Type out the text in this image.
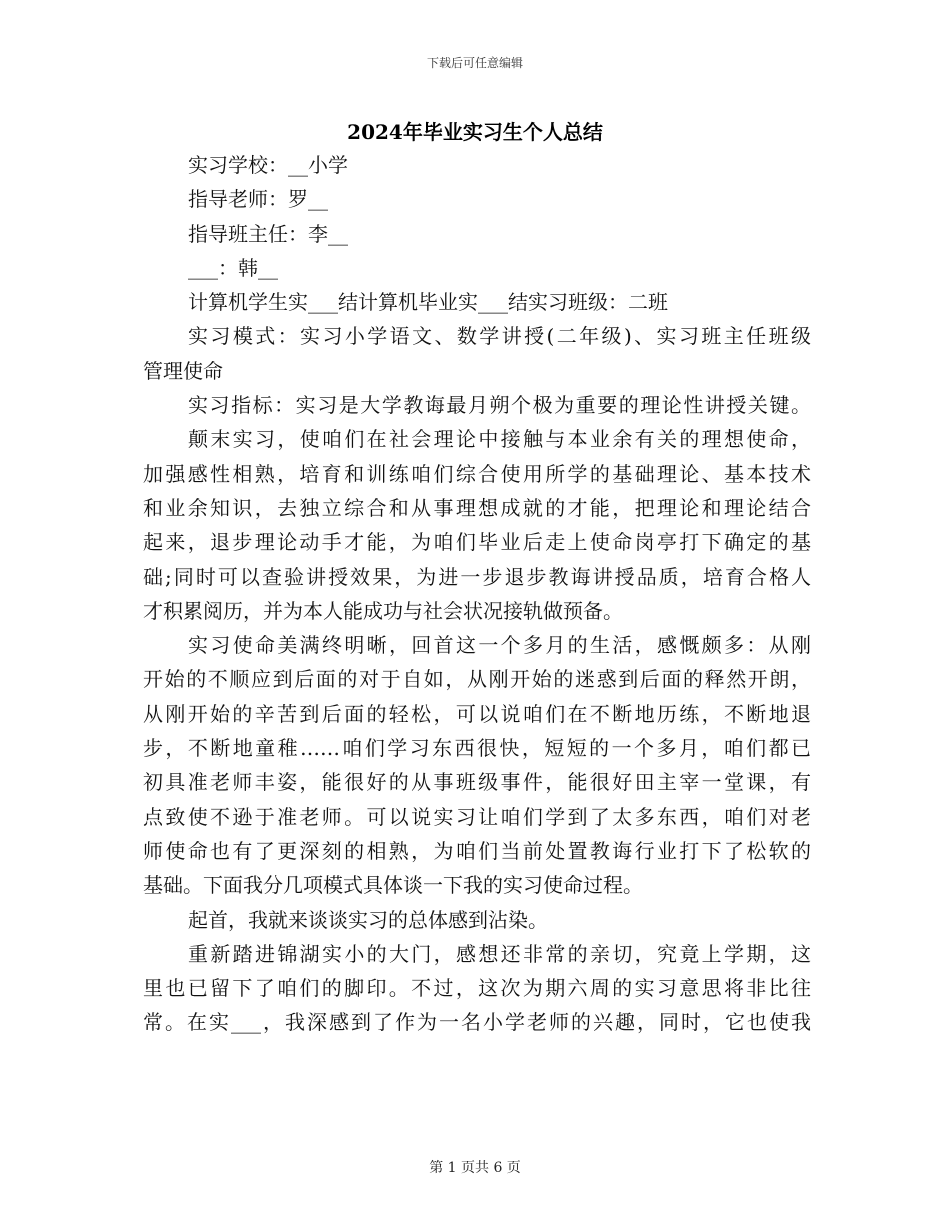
下载后可任意编辑
2024年毕业实习生个人总结
实习学校：__小学
指导老师：罗__
指导班主任：李__
___：韩__
计算机学生实___结计算机毕业实___结实习班级：二班
实习模式：实习小学语文、数学讲授(二年级)、实习班主任班级
管理使命
实习指标：实习是大学教诲最月朔个极为重要的理论性讲授关键。
颠末实习，使咱们在社会理论中接触与本业余有关的理想使命，
加强感性相熟，培育和训练咱们综合使用所学的基础理论、基本技术
和业余知识，去独立综合和从事理想成就的才能，把理论和理论结合
起来，退步理论动手才能，为咱们毕业后走上使命岗亭打下确定的基
础;同时可以查验讲授效果，为进一步退步教诲讲授品质，培育合格人
才积累阅历，并为本人能成功与社会状况接轨做预备。
实习使命美满终明晰，回首这一个多月的生活，感慨颇多：从刚
开始的不顺应到后面的对于自如，从刚开始的迷惑到后面的释然开朗，
从刚开始的辛苦到后面的轻松，可以说咱们在不断地历练，不断地退
步，不断地童稚……咱们学习东西很快，短短的一个多月，咱们都已
初具准老师丰姿，能很好的从事班级事件，能很好田主宰一堂课，有
点致使不逊于准老师。可以说实习让咱们学到了太多东西，咱们对老
师使命也有了更深刻的相熟，为咱们当前处置教诲行业打下了松软的
基础。下面我分几项模式具体谈一下我的实习使命过程。
起首，我就来谈谈实习的总体感到沾染。
重新踏进锦湖实小的大门，感想还非常的亲切，究竟上学期，这
里也已留下了咱们的脚印。不过，这次为期六周的实习意思将非比往
常。在实___，我深感到了作为一名小学老师的兴趣，同时，它也使我
第 1 页共 6 页
